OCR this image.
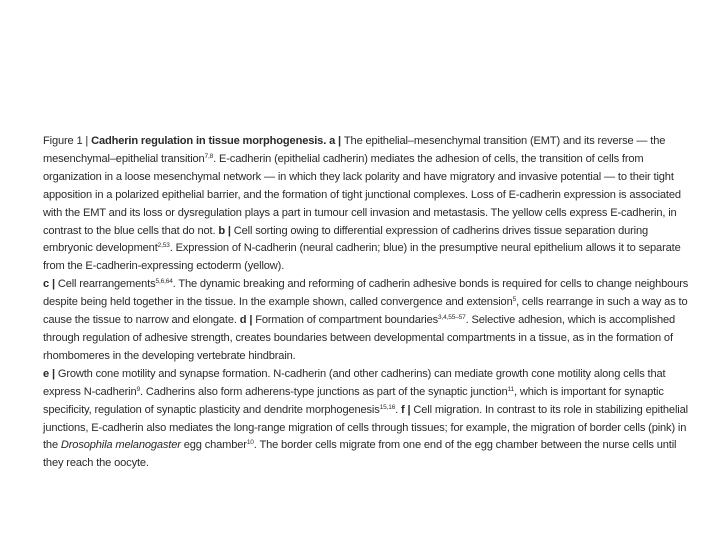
Figure 1 | Cadherin regulation in tissue morphogenesis. a | The epithelial–mesenchymal transition (EMT) and its reverse — the mesenchymal–epithelial transition$^{7,8}$. E-cadherin (epithelial cadherin) mediates the adhesion of cells, the transition of cells from organization in a loose mesenchymal network — in which they lack polarity and have migratory and invasive potential — to their tight apposition in a polarized epithelial barrier, and the formation of tight junctional complexes. Loss of E-cadherin expression is associated with the EMT and its loss or dysregulation plays a part in tumour cell invasion and metastasis. The yellow cells express E-cadherin, in contrast to the blue cells that do not. b | Cell sorting owing to differential expression of cadherins drives tissue separation during embryonic development$^{2,53}$. Expression of N-cadherin (neural cadherin; blue) in the presumptive neural epithelium allows it to separate from the E-cadherin-expressing ectoderm (yellow).
c | Cell rearrangements$^{5,6,64}$. The dynamic breaking and reforming of cadherin adhesive bonds is required for cells to change neighbours despite being held together in the tissue. In the example shown, called convergence and extension$^5$, cells rearrange in such a way as to cause the tissue to narrow and elongate. d | Formation of compartment boundaries$^{3,4,55-57}$. Selective adhesion, which is accomplished through regulation of adhesive strength, creates boundaries between developmental compartments in a tissue, as in the formation of rhombomeres in the developing vertebrate hindbrain.
e | Growth cone motility and synapse formation. N-cadherin (and other cadherins) can mediate growth cone motility along cells that express N-cadherin$^9$. Cadherins also form adherens-type junctions as part of the synaptic junction$^{11}$, which is important for synaptic specificity, regulation of synaptic plasticity and dendrite morphogenesis$^{15,16}$. f | Cell migration. In contrast to its role in stabilizing epithelial junctions, E-cadherin also mediates the long-range migration of cells through tissues; for example, the migration of border cells (pink) in the Drosophila melanogaster egg chamber$^{10}$. The border cells migrate from one end of the egg chamber between the nurse cells until they reach the oocyte.
